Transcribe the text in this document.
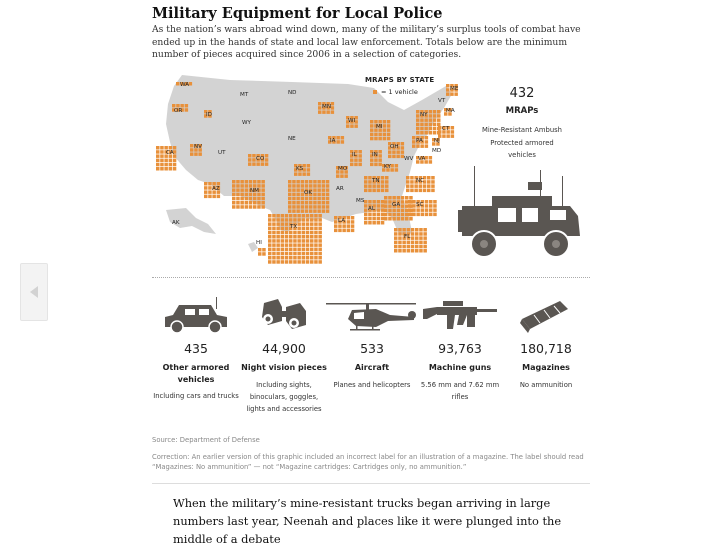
Military Equipment for Local Police

As the nation’s wars abroad wind down, many of the military’s surplus tools of combat have ended up in the hands of state and local law enforcement. Totals below are the minimum number of pieces acquired since 2006 in a selection of categories.

WA
OR
CA
NV
ID
MT
WY
UT
AZ	NM
CO
ND
NE
KS
OK
TX
MN
IA
MO
AR
LA
WI
IL
MI
IN
OH
KY
TN
MS
AL
GA
FL
SC
NC
VA
WV
MD
PA
NY
VT
ME
MA
CT
NJ
AK
HI
MRAPS BY STATE
= 1 vehicle	432
MRAPs
Mine-Resistant Ambush Protected armored vehicles
435
Other armored vehicles
Including cars and trucks
44,900
Night vision pieces
Including sights, binoculars, goggles, lights and accessories
533
Aircraft
Planes and helicopters
93,763
Machine guns
5.56 mm and 7.62 mm rifles
180,718
Magazines
No ammunition
Source: Department of Defense
Correction: An earlier version of this graphic included an incorrect label for an illustration of a magazine. The label should read “Magazines: No ammunition” — not “Magazine cartridges: Cartridges only, no ammunition.”

When the military’s mine-resistant trucks began arriving in large numbers last year, Neenah and places like it were plunged into the middle of a debate
